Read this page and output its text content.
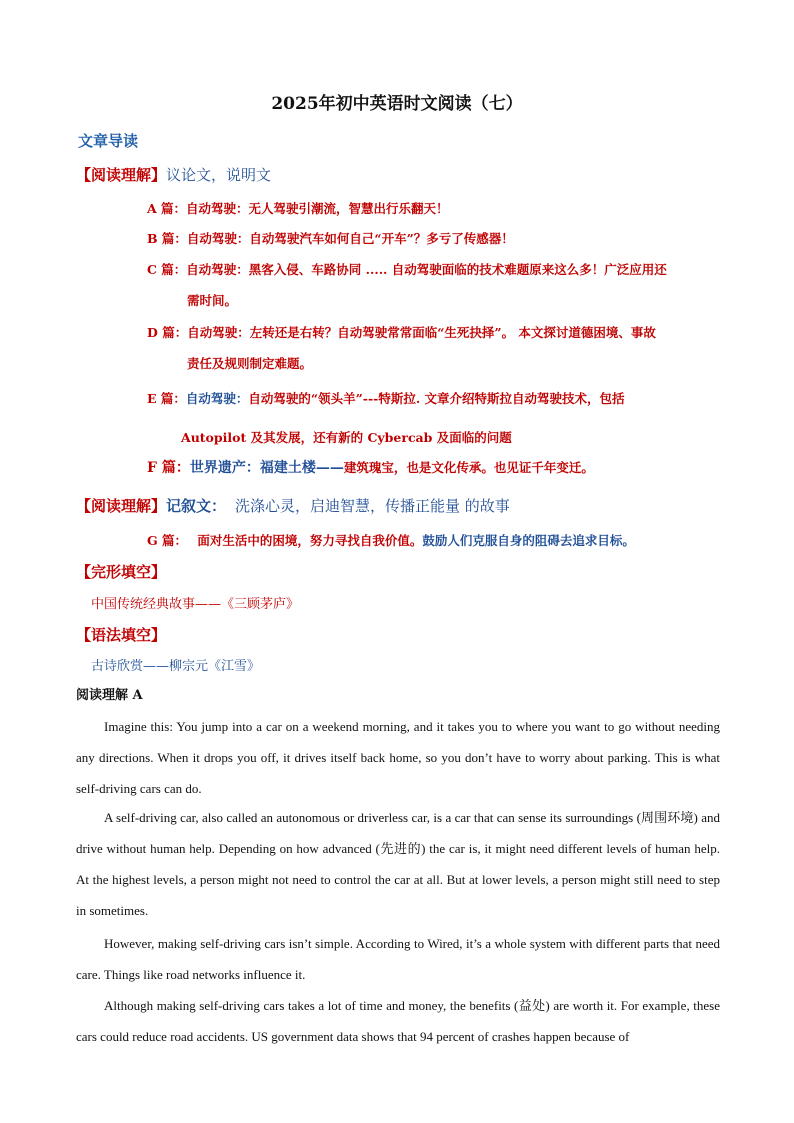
2025年初中英语时文阅读（七）
文章导读
【阅读理解】议论文，说明文
A 篇：自动驾驶：无人驾驶引潮流，智慧出行乐翻天！
B 篇：自动驾驶：自动驾驶汽车如何自己“开车”？多亏了传感器！
C 篇：自动驾驶：黑客入侵、车路协同 ..... 自动驾驶面临的技术难题原来这么多！广泛应用还
需时间。
D 篇：自动驾驶：左转还是右转？自动驾驶常常面临“生死抉择”。 本文探讨道德困境、事故
责任及规则制定难题。
E 篇：自动驾驶：自动驾驶的“领头羊”---特斯拉. 文章介绍特斯拉自动驾驶技术，包括
Autopilot 及其发展，还有新的 Cybercab 及面临的问题
F 篇：世界遗产：福建土楼——建筑瑰宝，也是文化传承。也见证千年变迁。
【阅读理解】记叙文： 洗涤心灵，启迪智慧，传播正能量 的故事
G 篇： 面对生活中的困境，努力寻找自我价值。鼓励人们克服自身的阻碍去追求目标。
【完形填空】
中国传统经典故事——《三顾茅庐》
【语法填空】
古诗欣赏——柳宗元《江雪》
阅读理解 A
Imagine this: You jump into a car on a weekend morning, and it takes you to where you want to go without needing any directions. When it drops you off, it drives itself back home, so you don’t have to worry about parking. This is what self-driving cars can do.
A self-driving car, also called an autonomous or driverless car, is a car that can sense its surroundings (周围环境) and drive without human help. Depending on how advanced (先进的) the car is, it might need different levels of human help. At the highest levels, a person might not need to control the car at all. But at lower levels, a person might still need to step in sometimes.
However, making self-driving cars isn’t simple. According to Wired, it’s a whole system with different parts that need care. Things like road networks influence it.
Although making self-driving cars takes a lot of time and money, the benefits (益处) are worth it. For example, these cars could reduce road accidents. US government data shows that 94 percent of crashes happen because of
